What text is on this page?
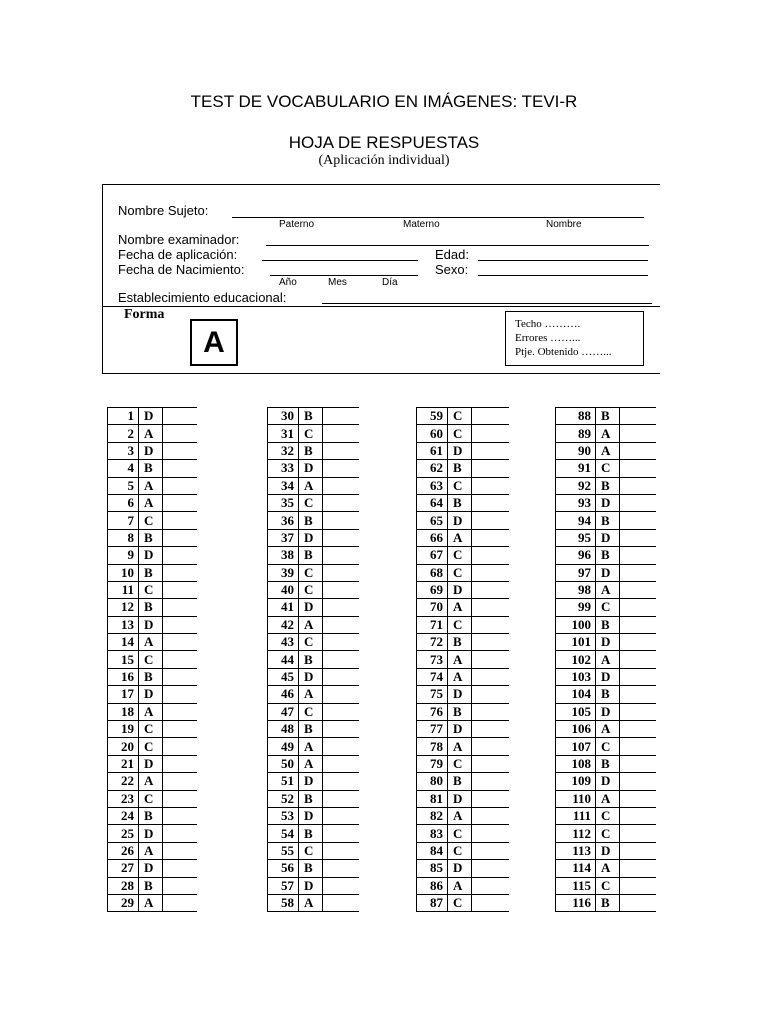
TEST DE VOCABULARIO EN IMÁGENES: TEVI-R
HOJA DE RESPUESTAS
(Aplicación individual)
Nombre Sujeto:
Paterno	Materno	Nombre
Nombre examinador:
Fecha de aplicación:	Edad:
Fecha de Nacimiento:	Sexo:
Año	Mes	Día
Establecimiento educacional:
Forma
A
Techo ……….
Errores ……...
Ptje. Obtenido ……...
1	D	
2	A	
3	D	
4	B	
5	A	
6	A	
7	C	
8	B	
9	D	
10	B	
11	C	
12	B	
13	D	
14	A	
15	C	
16	B	
17	D	
18	A	
19	C	
20	C	
21	D	
22	A	
23	C	
24	B	
25	D	
26	A	
27	D	
28	B	
29	A	
30	B	
31	C	
32	B	
33	D	
34	A	
35	C	
36	B	
37	D	
38	B	
39	C	
40	C	
41	D	
42	A	
43	C	
44	B	
45	D	
46	A	
47	C	
48	B	
49	A	
50	A	
51	D	
52	B	
53	D	
54	B	
55	C	
56	B	
57	D	
58	A	
59	C	
60	C	
61	D	
62	B	
63	C	
64	B	
65	D	
66	A	
67	C	
68	C	
69	D	
70	A	
71	C	
72	B	
73	A	
74	A	
75	D	
76	B	
77	D	
78	A	
79	C	
80	B	
81	D	
82	A	
83	C	
84	C	
85	D	
86	A	
87	C	
88	B	
89	A	
90	A	
91	C	
92	B	
93	D	
94	B	
95	D	
96	B	
97	D	
98	A	
99	C	
100	B	
101	D	
102	A	
103	D	
104	B	
105	D	
106	A	
107	C	
108	B	
109	D	
110	A	
111	C	
112	C	
113	D	
114	A	
115	C	
116	B	
